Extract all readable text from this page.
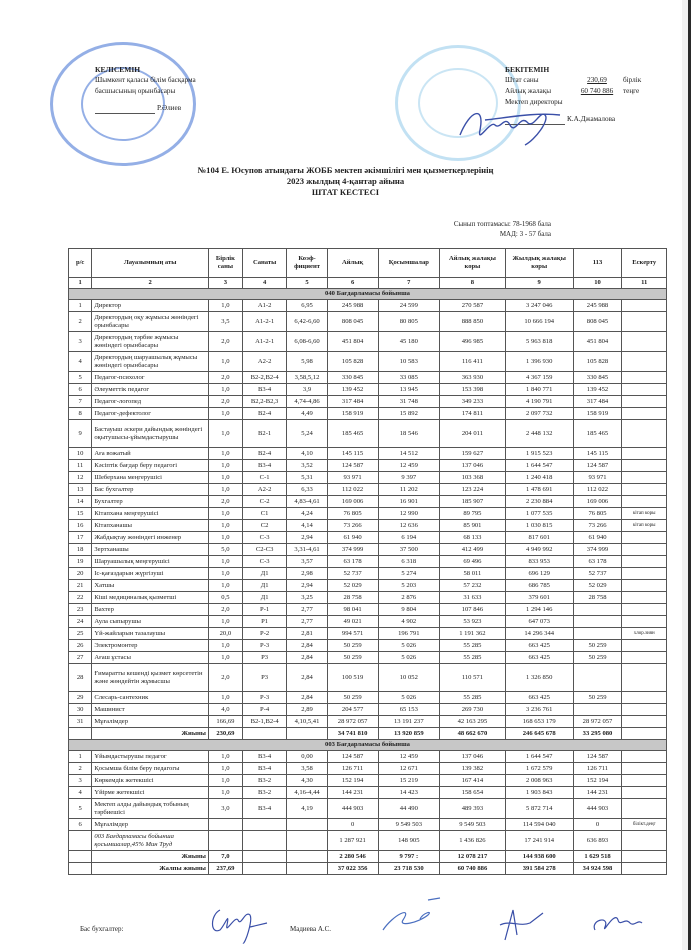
КЕЛІСЕМІН
Шымкент қаласы білім басқарма
басшысының орынбасары
Р.Әлиев
БЕКІТЕМІН
Штат саны	230,69	бірлік
Айлық жалақы	60 740 886	теңге
Мектеп директоры
К.А.Джамалова
№104 Е. Юсупов атындағы ЖОББ мектеп әкімшілігі мен қызметкерлерінің
2023 жылдың 4-қантар айына
ШТАТ КЕСТЕСІ
Сынып топтамасы: 78-1968 бала
МАД: 3 - 57 бала
р/с	Лауазымның аты	Бірлік саны	Санаты	Коэф-фициент	Айлық	Қосымшалар	Айлық жалақы коры	Жылдық жалақы коры	113	Ескерту
1	2	3	4	5	6	7	8	9	10	11
040 Бағдарламасы бойынша										
1	Директор	1,0	А1-2	6,95	245 988	24 599	270 587	3 247 046	245 988	
2	Директордың оқу жұмысы жөніндегі орынбасары	3,5	А1-2-1	6,42-6,60	808 045	80 805	888 850	10 666 194	808 045	
3	Директордың тәрбие жұмысы жөніндегі орынбасары	2,0	А1-2-1	6,08-6,60	451 804	45 180	496 985	5 963 818	451 804	
4	Директордың шаруашылық жұмысы жөніндегі орынбасары	1,0	А2-2	5,98	105 828	10 583	116 411	1 396 930	105 828	
5	Педагог-психолог	2,0	В2-2,В2-4	3,58,5,12	330 845	33 085	363 930	4 367 159	330 845	
6	Әлеуметтік педагог	1,0	В3-4	3,9	139 452	13 945	153 398	1 840 771	139 452	
7	Педагог-логопед	2,0	В2,2-В2,3	4,74-4,86	317 484	31 748	349 233	4 190 791	317 484	
8	Педагог-дефектолог	1,0	В2-4	4,49	158 919	15 892	174 811	2 097 732	158 919	
9	Бастауыш әскери дайындық жөніндегі оқытушысы-ұйымдастырушы	1,0	В2-1	5,24	185 465	18 546	204 011	2 448 132	185 465	
10	Аға вожатый	1,0	В2-4	4,10	145 115	14 512	159 627	1 915 523	145 115	
11	Кәсіптік бағдар беру педагогі	1,0	В3-4	3,52	124 587	12 459	137 046	1 644 547	124 587	
12	Шеберхана меңгерушісі	1,0	С-1	5,31	93 971	9 397	103 368	1 240 418	93 971	
13	Бас бухгалтер	1,0	А2-2	6,33	112 022	11 202	123 224	1 478 691	112 022	
14	Бухгалтер	2,0	С-2	4,83-4,61	169 006	16 901	185 907	2 230 884	169 006	
15	Кітапхана меңгерушісі	1,0	С1	4,24	76 805	12 990	89 795	1 077 535	76 805	кітап коры
16	Кітапханашы	1,0	С2	4,14	73 266	12 636	85 901	1 030 815	73 266	кітап коры
17	Жабдықтау жөніндегі инженер	1,0	С-3	2,94	61 940	6 194	68 133	817 601	61 940	
18	Зертханашы	5,0	С2-С3	3,31-4,61	374 999	37 500	412 499	4 949 992	374 999	
19	Шаруашылық меңгерушісі	1,0	С-3	3,57	63 178	6 318	69 496	833 953	63 178	
20	Іс-қағаздарын жүргізуші	1,0	Д1	2,98	52 737	5 274	58 011	696 129	52 737	
21	Хатшы	1,0	Д1	2,94	52 029	5 203	57 232	686 785	52 029	
22	Кіші медициналық қызметші	0,5	Д1	3,25	28 758	2 876	31 633	379 601	28 758	
23	Вахтер	2,0	Р-1	2,77	98 041	9 804	107 846	1 294 146		
24	Аула сыпырушы	1,0	Р1	2,77	49 021	4 902	53 923	647 073		
25	Үй-жайларын тазалаушы	20,0	Р-2	2,81	994 571	196 791	1 191 362	14 296 344		хлор.зиян
26	Электромонтер	1,0	Р-3	2,84	50 259	5 026	55 285	663 425	50 259	
27	Ағаш ұстасы	1,0	Р3	2,84	50 259	5 026	55 285	663 425	50 259	
28	Ғимаратты кешенді қызмет көрсететін және жөндейтін жұмысшы	2,0	Р3	2,84	100 519	10 052	110 571	1 326 850		
29	Слесарь-сантехник	1,0	Р-3	2,84	50 259	5 026	55 285	663 425	50 259	
30	Машинист	4,0	Р-4	2,89	204 577	65 153	269 730	3 236 761		
31	Мұғалімдер	166,69	В2-1,В2-4	4,10,5,41	28 972 057	13 191 237	42 163 295	168 653 179	28 972 057	
	Жиыны	230,69			34 741 810	13 920 859	48 662 670	246 645 678	33 295 080	
003 Бағдарламасы бойынша										
1	Ұйымдастырушы педагог	1,0	В3-4	0,00	124 587	12 459	137 046	1 644 547	124 587	
2	Қосымша білім беру педагогы	1,0	В3-4	3,58	126 711	12 671	139 382	1 672 579	126 711	
3	Көркемдік жетекшісі	1,0	В3-2	4,30	152 194	15 219	167 414	2 008 963	152 194	
4	Үйірме жетекшісі	1,0	В3-2	4,16-4,44	144 231	14 423	158 654	1 903 843	144 231	
5	Мектеп алды дайындық тобының тәрбиешісі	3,0	В3-4	4,19	444 903	44 490	489 393	5 872 714	444 903	
6	Мұғалімдер				0	9 549 503	9 549 503	114 594 040	0	білікт.деңг
	003 Бағдарламасы бойынша қосымшалар,45% Мин Труд				1 287 921	148 905	1 436 826	17 241 914	636 893	
	Жиыны	7,0			2 280 546	9 797 :	12 078 217	144 938 600	1 629 518	
	Жалпы жиыны	237,69			37 022 356	23 718 530	60 740 886	391 584 278	34 924 598	
Бас бухгалтер:	Мадиева А.С.
